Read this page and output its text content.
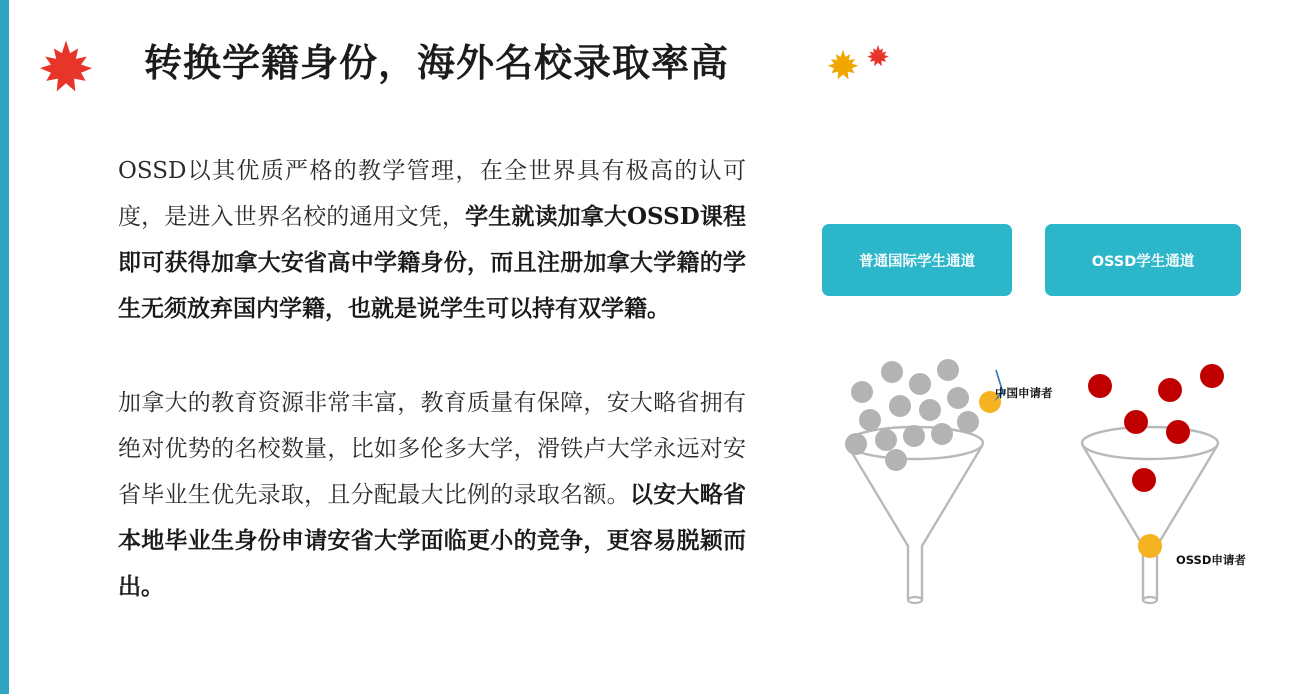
转换学籍身份，海外名校录取率高

OSSD以其优质严格的教学管理，在全世界具有极高的认可度，是进入世界名校的通用文凭，学生就读加拿大OSSD课程即可获得加拿大安省高中学籍身份，而且注册加拿大学籍的学生无须放弃国内学籍，也就是说学生可以持有双学籍。

加拿大的教育资源非常丰富，教育质量有保障，安大略省拥有绝对优势的名校数量，比如多伦多大学，滑铁卢大学永远对安省毕业生优先录取，且分配最大比例的录取名额。以安大略省本地毕业生身份申请安省大学面临更小的竞争，更容易脱颖而出。

普通国际学生通道	OSSD学生通道
中国申请者
OSSD申请者
